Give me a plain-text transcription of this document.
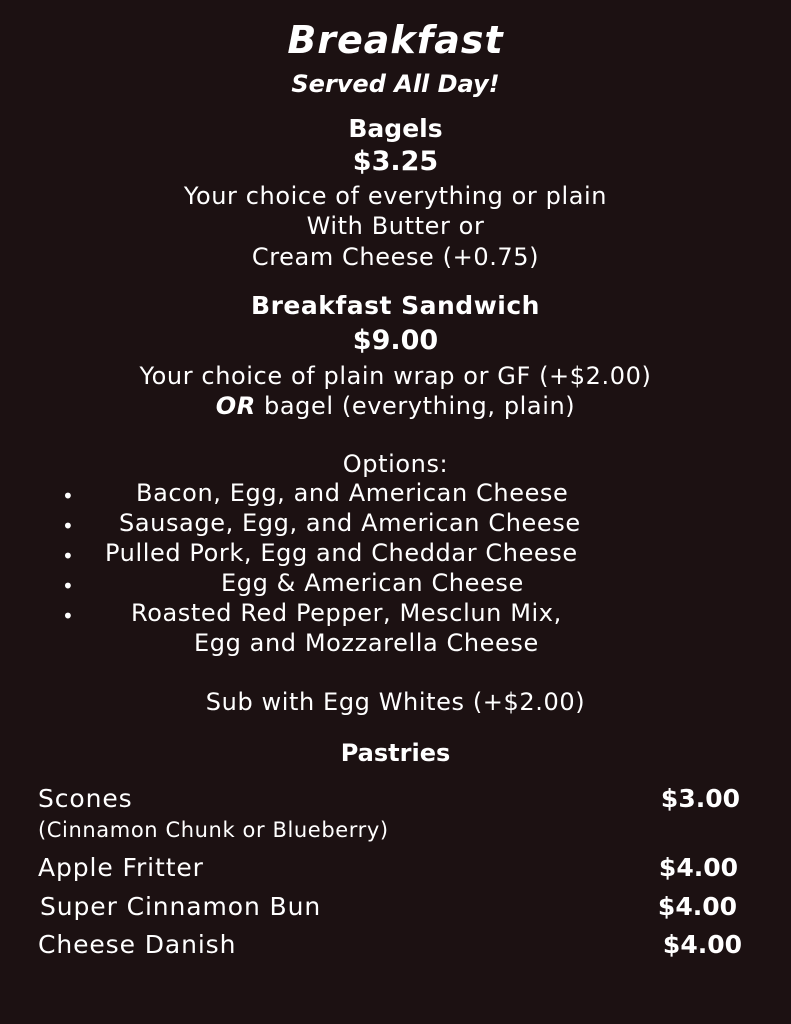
Breakfast
Served All Day!
Bagels
$3.25
Your choice of everything or plain
With Butter or
Cream Cheese (+0.75)
Breakfast Sandwich
$9.00
Your choice of plain wrap or GF (+$2.00)
OR bagel (everything, plain)
Options:
•	Bacon, Egg, and American Cheese
• Sausage, Egg, and American Cheese
• Pulled Pork, Egg and Cheddar Cheese
•	Egg & American Cheese
• Roasted Red Pepper, Mesclun Mix,
Egg and Mozzarella Cheese
Sub with Egg Whites (+$2.00)
Pastries
Scones	$3.00
(Cinnamon Chunk or Blueberry)
Apple Fritter	$4.00
Super Cinnamon Bun	$4.00
Cheese Danish	$4.00
